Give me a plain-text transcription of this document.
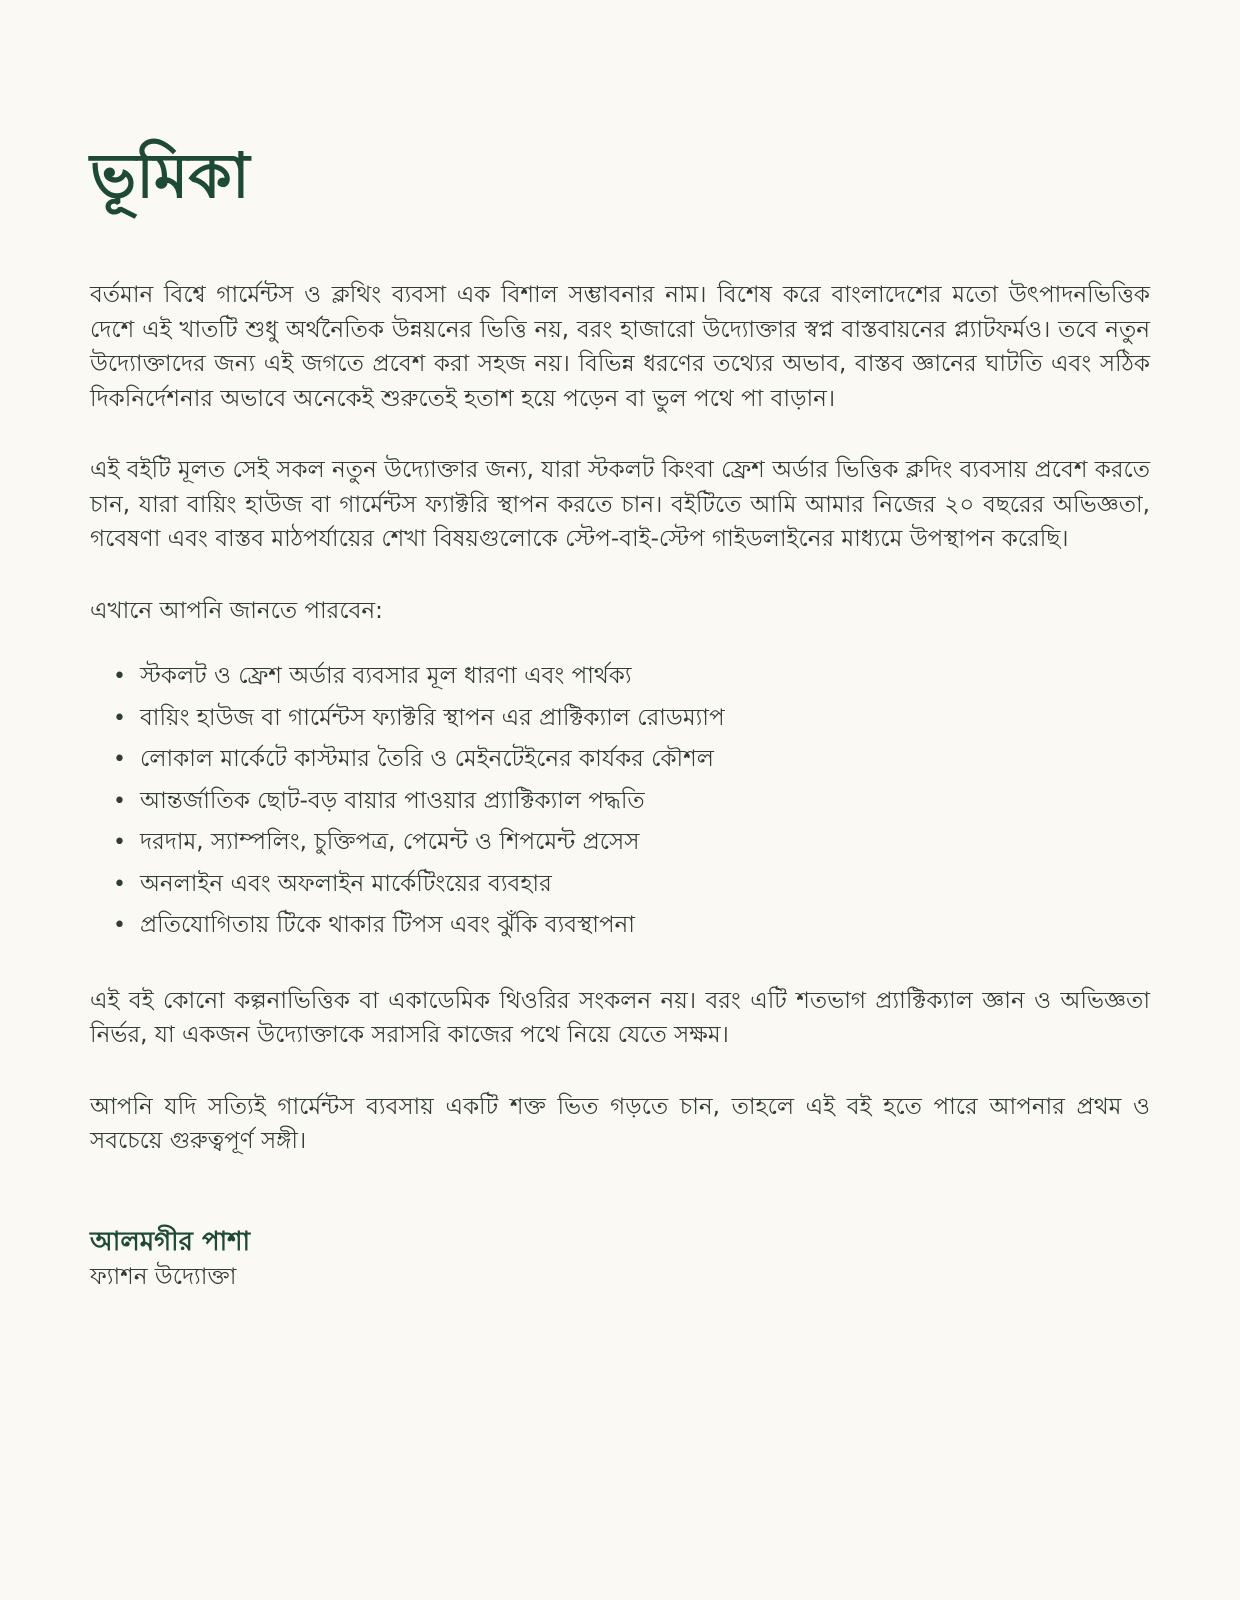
ভূমিকা

বর্তমান বিশ্বে গার্মেন্টস ও ক্লথিং ব্যবসা এক বিশাল সম্ভাবনার নাম। বিশেষ করে বাংলাদেশের মতো উৎপাদনভিত্তিক দেশে এই খাতটি শুধু অর্থনৈতিক উন্নয়নের ভিত্তি নয়, বরং হাজারো উদ্যোক্তার স্বপ্ন বাস্তবায়নের প্ল্যাটফর্মও। তবে নতুন উদ্যোক্তাদের জন্য এই জগতে প্রবেশ করা সহজ নয়। বিভিন্ন ধরণের তথ্যের অভাব, বাস্তব জ্ঞানের ঘাটতি এবং সঠিক দিকনির্দেশনার অভাবে অনেকেই শুরুতেই হতাশ হয়ে পড়েন বা ভুল পথে পা বাড়ান।

এই বইটি মূলত সেই সকল নতুন উদ্যোক্তার জন্য, যারা স্টকলট কিংবা ফ্রেশ অর্ডার ভিত্তিক ক্লদিং ব্যবসায় প্রবেশ করতে চান, যারা বায়িং হাউজ বা গার্মেন্টস ফ্যাক্টরি স্থাপন করতে চান। বইটিতে আমি আমার নিজের ২০ বছরের অভিজ্ঞতা, গবেষণা এবং বাস্তব মাঠপর্যায়ের শেখা বিষয়গুলোকে স্টেপ-বাই-স্টেপ গাইডলাইনের মাধ্যমে উপস্থাপন করেছি।

এখানে আপনি জানতে পারবেন:

• স্টকলট ও ফ্রেশ অর্ডার ব্যবসার মূল ধারণা এবং পার্থক্য
• বায়িং হাউজ বা গার্মেন্টস ফ্যাক্টরি স্থাপন এর প্রাক্টিক্যাল রোডম্যাপ
• লোকাল মার্কেটে কাস্টমার তৈরি ও মেইনটেইনের কার্যকর কৌশল
• আন্তর্জাতিক ছোট-বড় বায়ার পাওয়ার প্র্যাক্টিক্যাল পদ্ধতি
• দরদাম, স্যাম্পলিং, চুক্তিপত্র, পেমেন্ট ও শিপমেন্ট প্রসেস
• অনলাইন এবং অফলাইন মার্কেটিংয়ের ব্যবহার
• প্রতিযোগিতায় টিকে থাকার টিপস এবং ঝুঁকি ব্যবস্থাপনা

এই বই কোনো কল্পনাভিত্তিক বা একাডেমিক থিওরির সংকলন নয়। বরং এটি শতভাগ প্র্যাক্টিক্যাল জ্ঞান ও অভিজ্ঞতা নির্ভর, যা একজন উদ্যোক্তাকে সরাসরি কাজের পথে নিয়ে যেতে সক্ষম।

আপনি যদি সত্যিই গার্মেন্টস ব্যবসায় একটি শক্ত ভিত গড়তে চান, তাহলে এই বই হতে পারে আপনার প্রথম ও সবচেয়ে গুরুত্বপূর্ণ সঙ্গী।

আলমগীর পাশা
ফ্যাশন উদ্যোক্তা
